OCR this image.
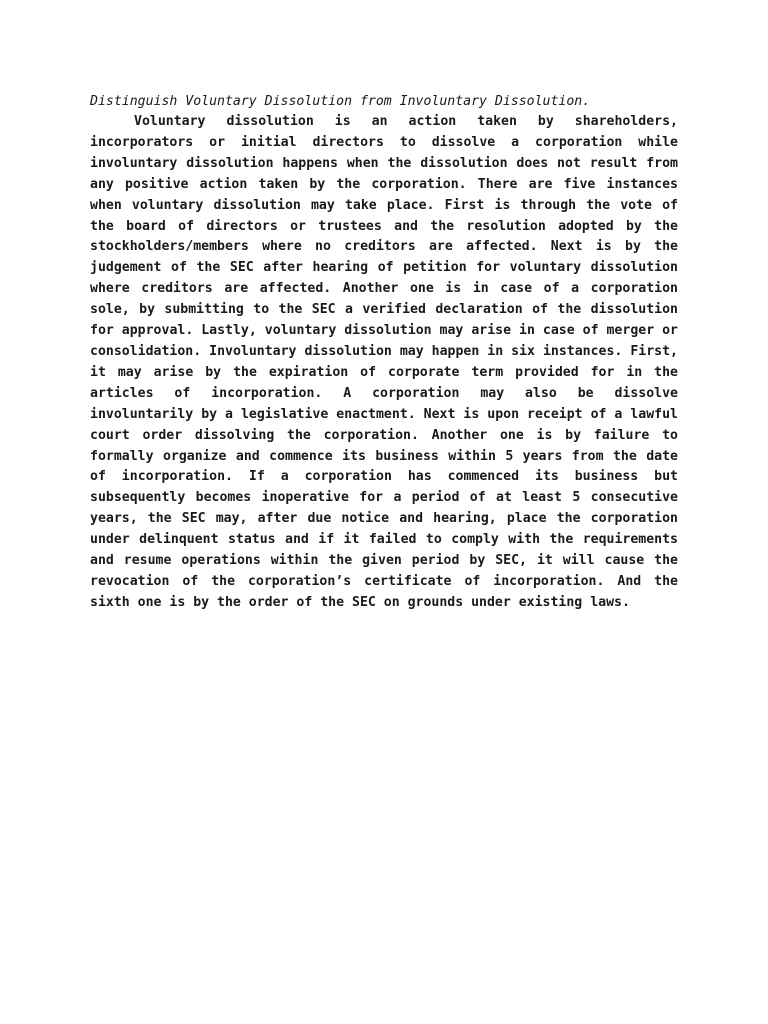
Distinguish Voluntary Dissolution from Involuntary Dissolution.

Voluntary dissolution is an action taken by shareholders, incorporators or initial directors to dissolve a corporation while involuntary dissolution happens when the dissolution does not result from any positive action taken by the corporation. There are five instances when voluntary dissolution may take place. First is through the vote of the board of directors or trustees and the resolution adopted by the stockholders/members where no creditors are affected. Next is by the judgement of the SEC after hearing of petition for voluntary dissolution where creditors are affected. Another one is in case of a corporation sole, by submitting to the SEC a verified declaration of the dissolution for approval. Lastly, voluntary dissolution may arise in case of merger or consolidation. Involuntary dissolution may happen in six instances. First, it may arise by the expiration of corporate term provided for in the articles of incorporation. A corporation may also be dissolve involuntarily by a legislative enactment. Next is upon receipt of a lawful court order dissolving the corporation. Another one is by failure to formally organize and commence its business within 5 years from the date of incorporation. If a corporation has commenced its business but subsequently becomes inoperative for a period of at least 5 consecutive years, the SEC may, after due notice and hearing, place the corporation under delinquent status and if it failed to comply with the requirements and resume operations within the given period by SEC, it will cause the revocation of the corporation’s certificate of incorporation. And the sixth one is by the order of the SEC on grounds under existing laws.
